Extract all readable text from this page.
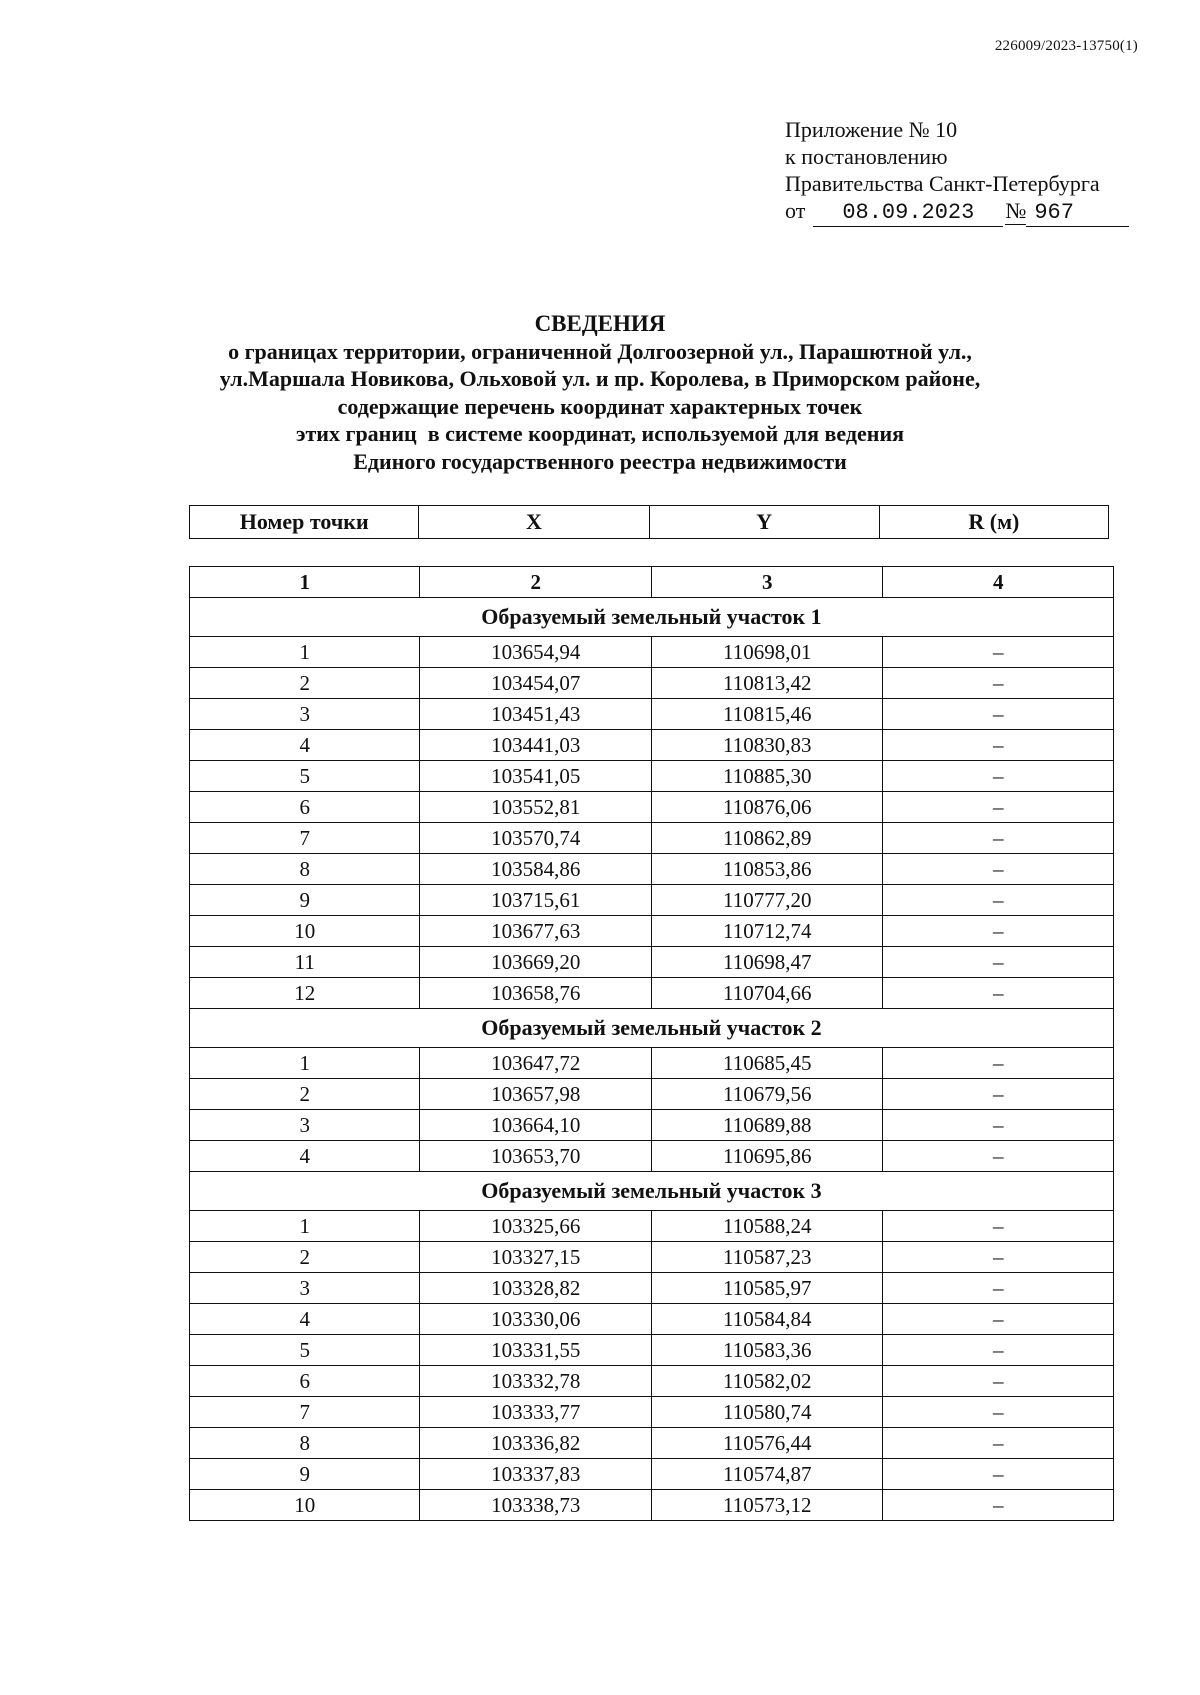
226009/2023-13750(1)
Приложение № 10
к постановлению
Правительства Санкт-Петербурга
от	08.09.2023	№ 967
СВЕДЕНИЯ
о границах территории, ограниченной Долгоозерной ул., Парашютной ул.,
ул.Маршала Новикова, Ольховой ул. и пр. Королева, в Приморском районе,
содержащие перечень координат характерных точек
этих границ  в системе координат, используемой для ведения
Единого государственного реестра недвижимости
Номер точки	X	Y	R (м)
1	2	3	4
Образуемый земельный участок 1			
1	103654,94	110698,01	–
2	103454,07	110813,42	–
3	103451,43	110815,46	–
4	103441,03	110830,83	–
5	103541,05	110885,30	–
6	103552,81	110876,06	–
7	103570,74	110862,89	–
8	103584,86	110853,86	–
9	103715,61	110777,20	–
10	103677,63	110712,74	–
11	103669,20	110698,47	–
12	103658,76	110704,66	–
Образуемый земельный участок 2			
1	103647,72	110685,45	–
2	103657,98	110679,56	–
3	103664,10	110689,88	–
4	103653,70	110695,86	–
Образуемый земельный участок 3			
1	103325,66	110588,24	–
2	103327,15	110587,23	–
3	103328,82	110585,97	–
4	103330,06	110584,84	–
5	103331,55	110583,36	–
6	103332,78	110582,02	–
7	103333,77	110580,74	–
8	103336,82	110576,44	–
9	103337,83	110574,87	–
10	103338,73	110573,12	–
